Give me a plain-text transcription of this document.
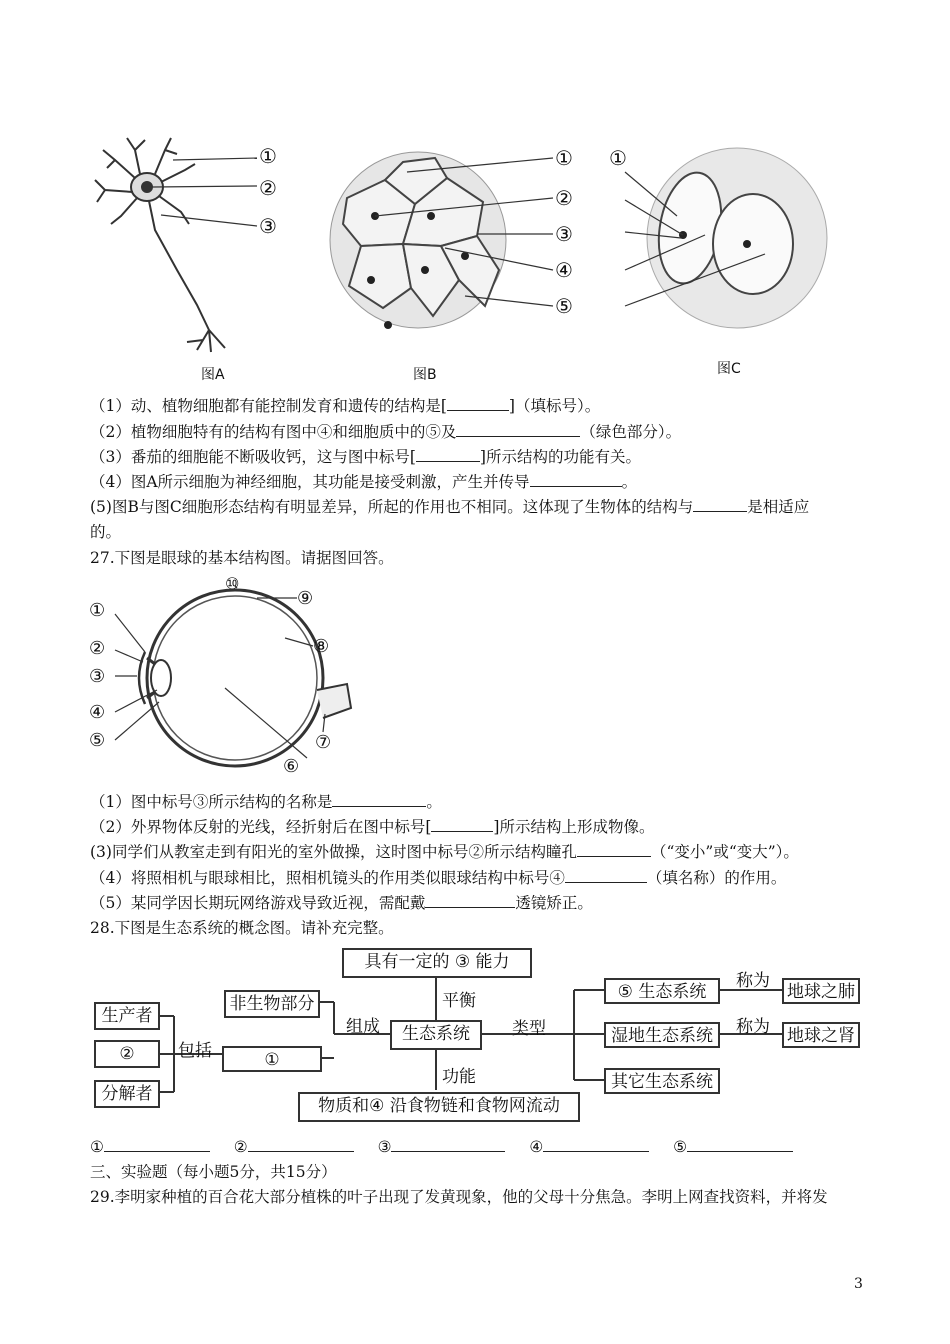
①
②
③
①
②
③
④
⑤
①
图A	图B	图C
（1）动、植物细胞都有能控制发育和遗传的结构是[	]（填标号）。
（2）植物细胞特有的结构有图中④和细胞质中的⑤及	（绿色部分）。
（3）番茄的细胞能不断吸收钙，这与图中标号[	]所示结构的功能有关。
（4）图A所示细胞为神经细胞，其功能是接受刺激，产生并传导	。
(5)图B与图C细胞形态结构有明显差异，所起的作用也不相同。这体现了生物体的结构与	是相适应
的。
27.下图是眼球的基本结构图。请据图回答。
①
②
③
④
⑤
⑥
⑦
⑧
⑨
⑩
（1）图中标号③所示结构的名称是	。
（2）外界物体反射的光线，经折射后在图中标号[	]所示结构上形成物像。
(3)同学们从教室走到有阳光的室外做操，这时图中标号②所示结构瞳孔	（“变小”或“变大”）。
（4）将照相机与眼球相比，照相机镜头的作用类似眼球结构中标号④	（填名称）的作用。
（5）某同学因长期玩网络游戏导致近视，需配戴	透镜矫正。
28.下图是生态系统的概念图。请补充完整。
具有一定的 ③ 能力
平衡
非生物部分
组成	生态系统	类型
生产者
②
分解者
包括	①
功能
物质和④ 沿食物链和食物网流动
⑤ 生态系统
湿地生态系统
其它生态系统
称为
称为
地球之肺
地球之肾
①	②	③	④	⑤
三、实验题（每小题5分，共15分）
29.李明家种植的百合花大部分植株的叶子出现了发黄现象，他的父母十分焦急。李明上网查找资料，并将发
3
